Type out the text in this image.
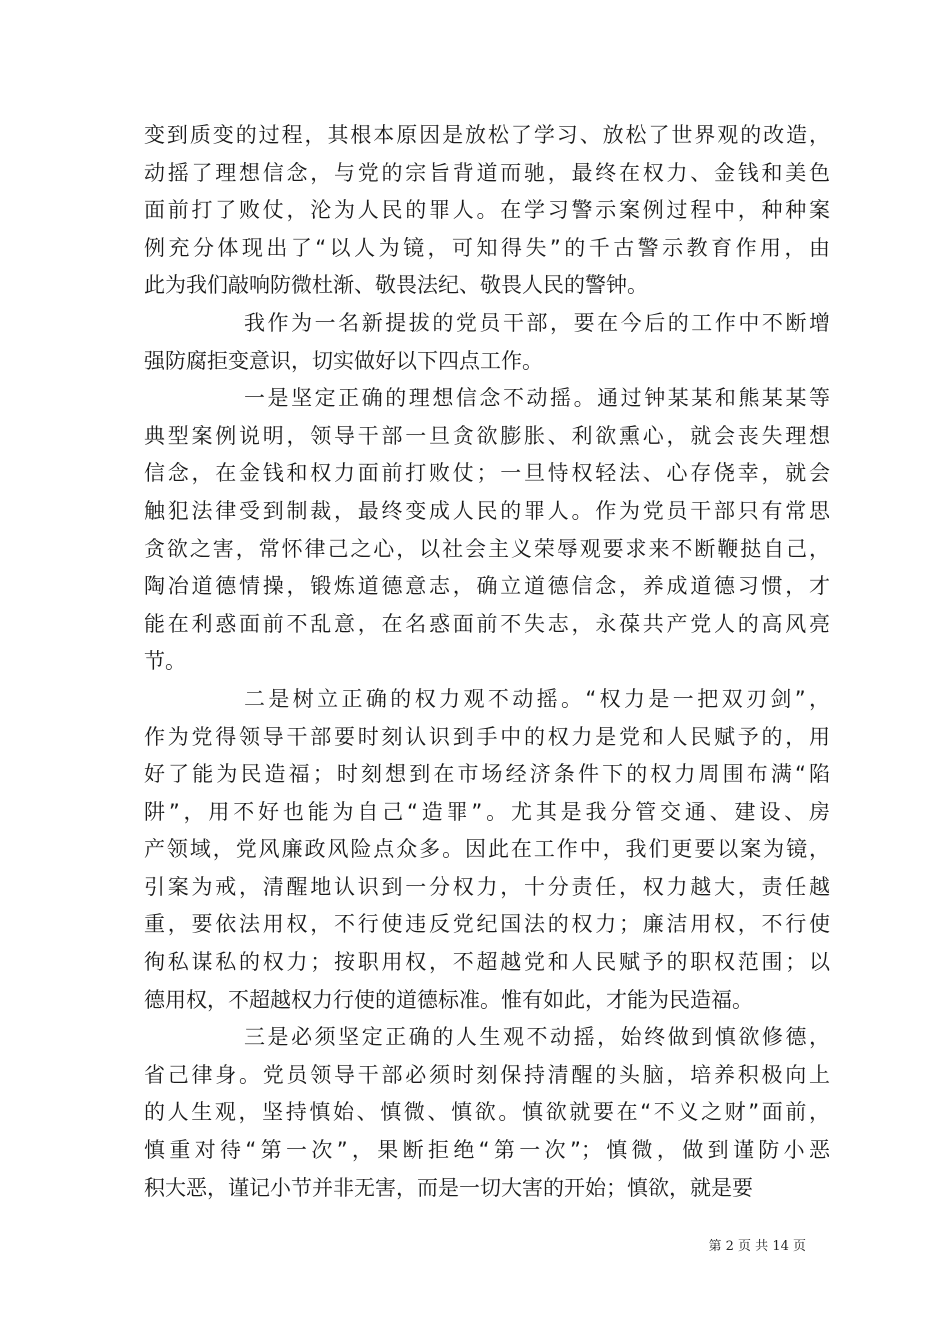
变到质变的过程，其根本原因是放松了学习、放松了世界观的改造，
动摇了理想信念，与党的宗旨背道而驰，最终在权力、金钱和美色
面前打了败仗，沦为人民的罪人。在学习警示案例过程中，种种案
例充分体现出了“以人为镜，可知得失”的千古警示教育作用，由
此为我们敲响防微杜渐、敬畏法纪、敬畏人民的警钟。
我作为一名新提拔的党员干部，要在今后的工作中不断增
强防腐拒变意识，切实做好以下四点工作。
一是坚定正确的理想信念不动摇。通过钟某某和熊某某等
典型案例说明，领导干部一旦贪欲膨胀、利欲熏心，就会丧失理想
信念，在金钱和权力面前打败仗；一旦恃权轻法、心存侥幸，就会
触犯法律受到制裁，最终变成人民的罪人。作为党员干部只有常思
贪欲之害，常怀律己之心，以社会主义荣辱观要求来不断鞭挞自己，
陶冶道德情操，锻炼道德意志，确立道德信念，养成道德习惯，才
能在利惑面前不乱意，在名惑面前不失志，永葆共产党人的高风亮
节。
二是树立正确的权力观不动摇。“权力是一把双刃剑”，
作为党得领导干部要时刻认识到手中的权力是党和人民赋予的，用
好了能为民造福；时刻想到在市场经济条件下的权力周围布满“陷
阱”，用不好也能为自己“造罪”。尤其是我分管交通、建设、房
产领域，党风廉政风险点众多。因此在工作中，我们更要以案为镜，
引案为戒，清醒地认识到一分权力，十分责任，权力越大，责任越
重，要依法用权，不行使违反党纪国法的权力；廉洁用权，不行使
徇私谋私的权力；按职用权，不超越党和人民赋予的职权范围；以
德用权，不超越权力行使的道德标准。惟有如此，才能为民造福。
三是必须坚定正确的人生观不动摇，始终做到慎欲修德，
省己律身。党员领导干部必须时刻保持清醒的头脑，培养积极向上
的人生观，坚持慎始、慎微、慎欲。慎欲就要在“不义之财”面前，
慎重对待“第一次”，果断拒绝“第一次”；慎微，做到谨防小恶
积大恶，谨记小节并非无害，而是一切大害的开始；慎欲，就是要
第 2 页 共 14 页
